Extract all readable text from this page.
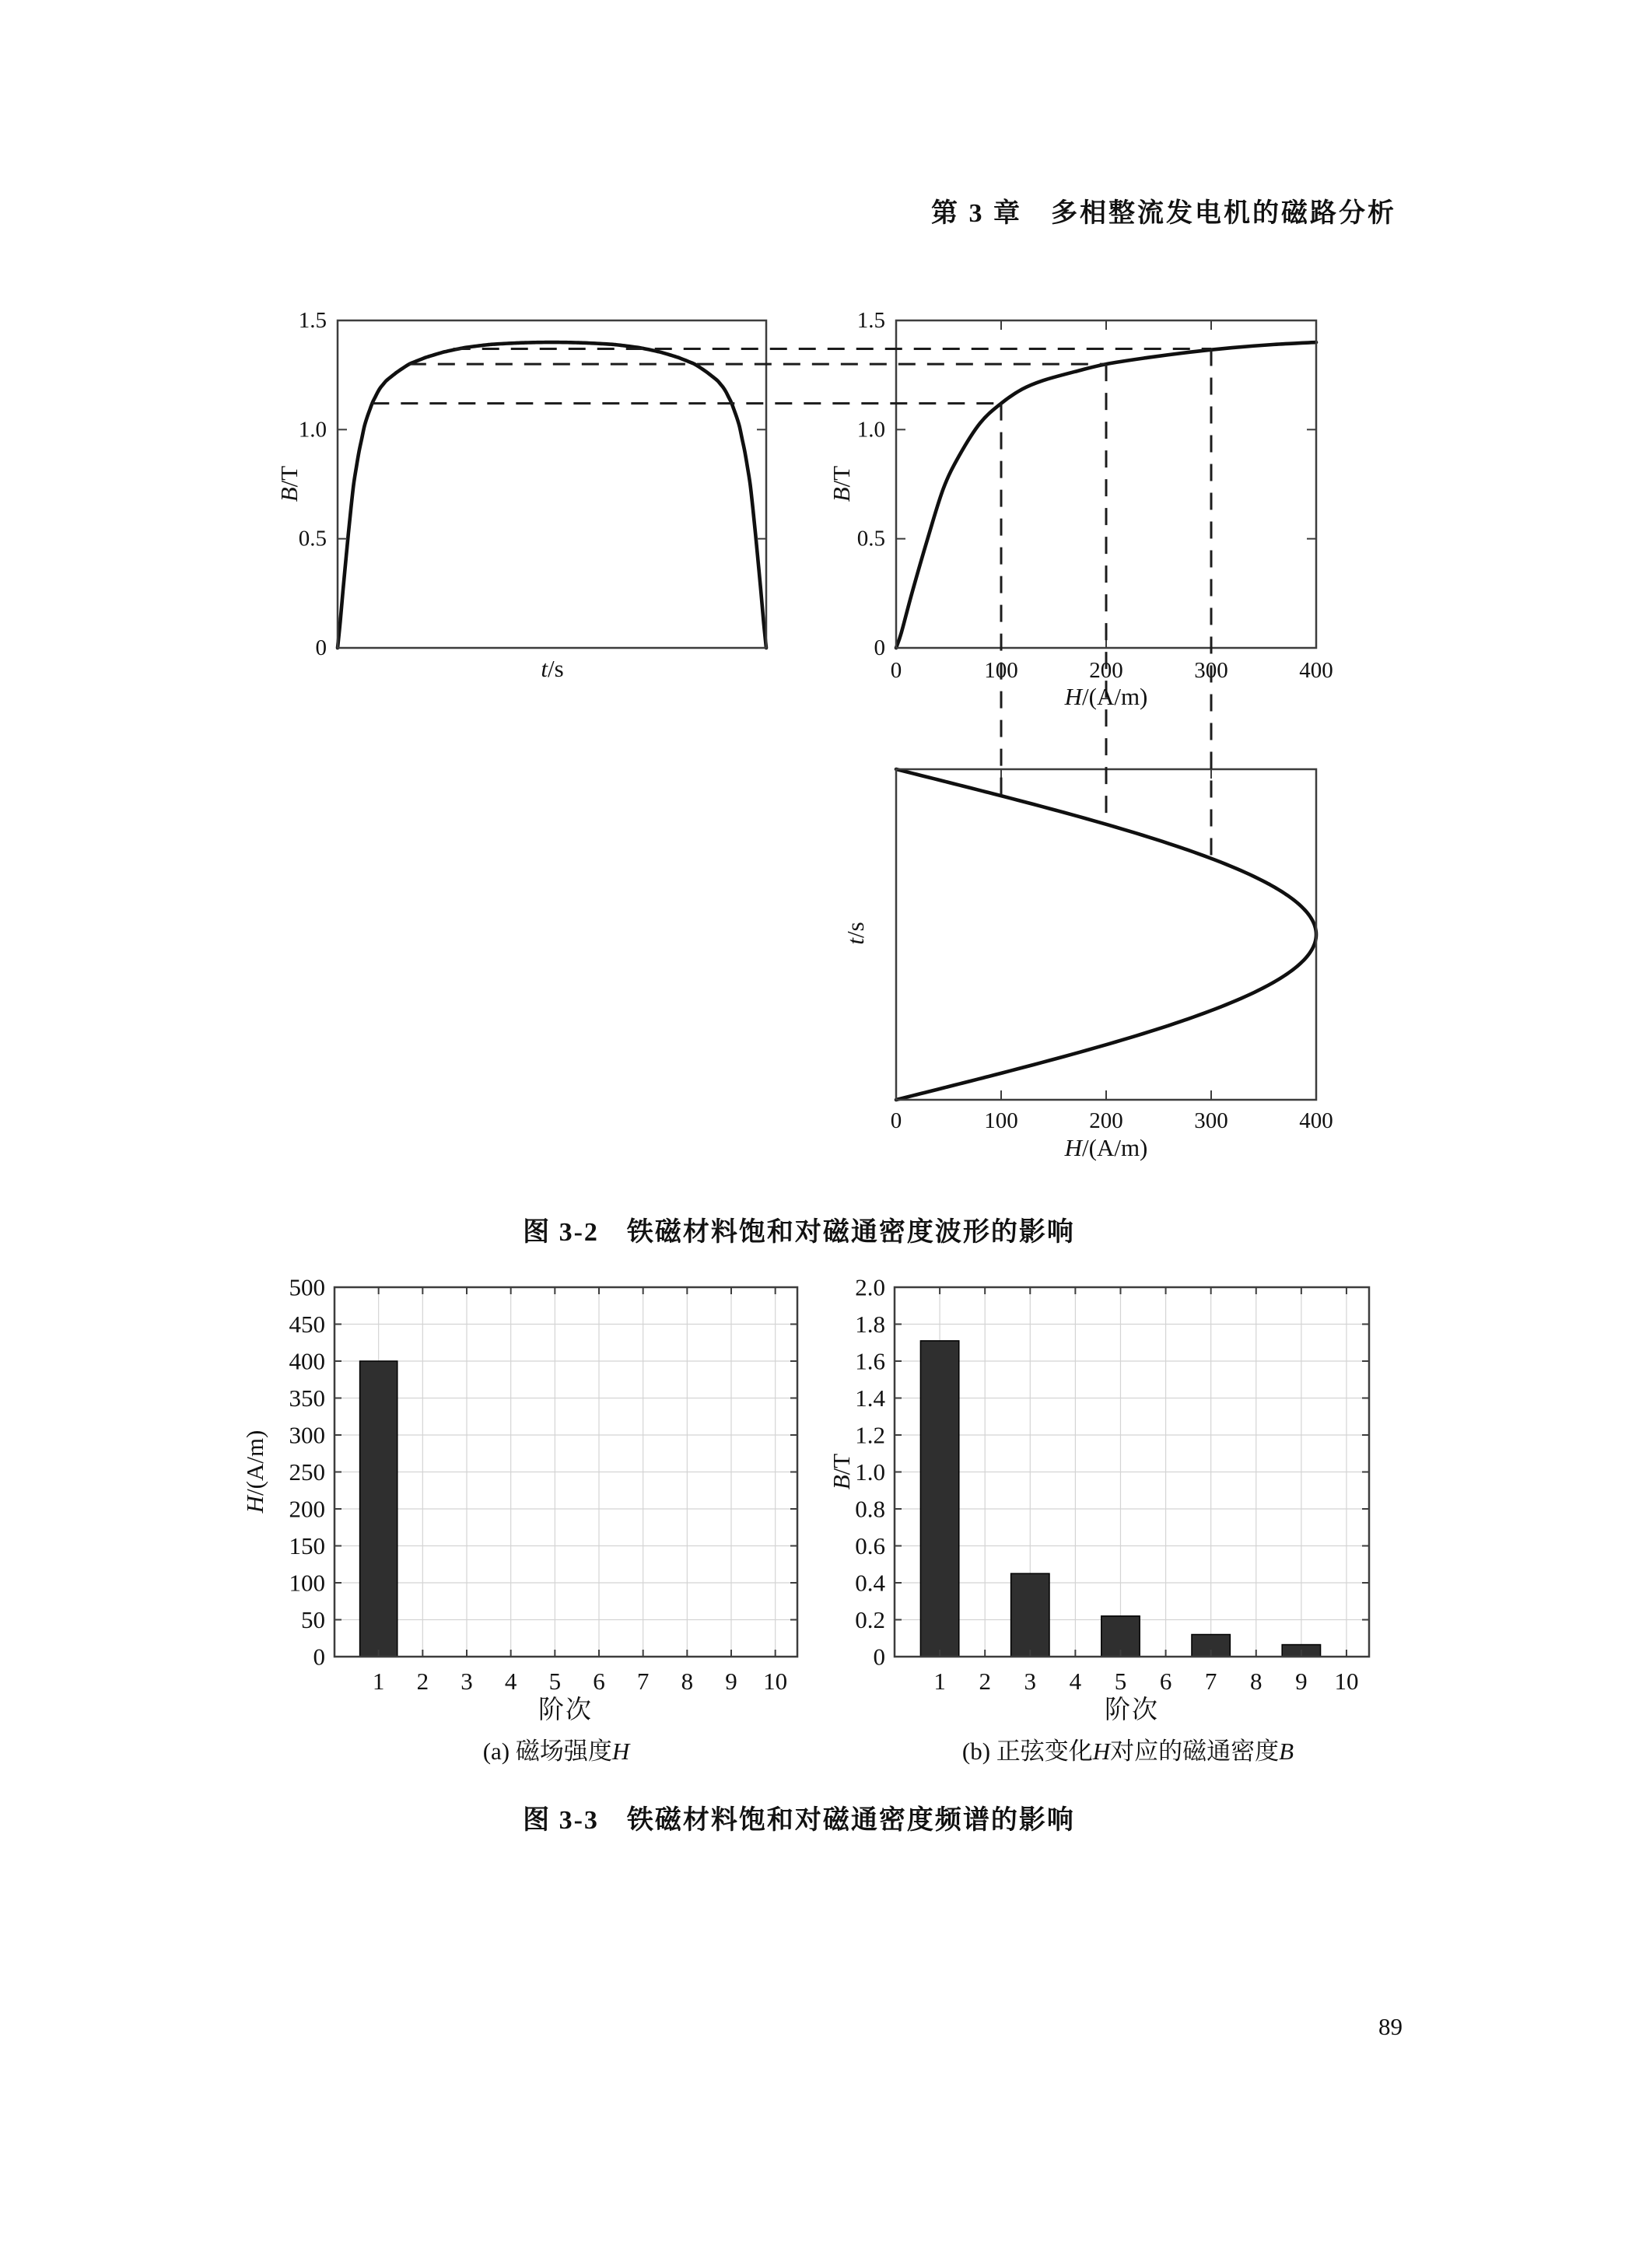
0
0.5
1.0
1.5
0
0.5
1.0
1.5
0	100	200	300	400
0	100	200	300	400
1 2 3 4 5 6 7 8 9 10
0
50
100
150
200
250
300
350
400
450
500
1 2 3 4 5 6 7 8 9 10
0
0.2
0.4
0.6
0.8
1.0
1.2
1.4
1.6
1.8
2.0
第 3 章　多相整流发电机的磁路分析
B/T
t/s
B/T
H/(A/m)
t/s
H/(A/m)
图 3-2　铁磁材料饱和对磁通密度波形的影响
H/(A/m)
阶次
B/T
阶次
(a) 磁场强度H	(b) 正弦变化H对应的磁通密度B
图 3-3　铁磁材料饱和对磁通密度频谱的影响
89
